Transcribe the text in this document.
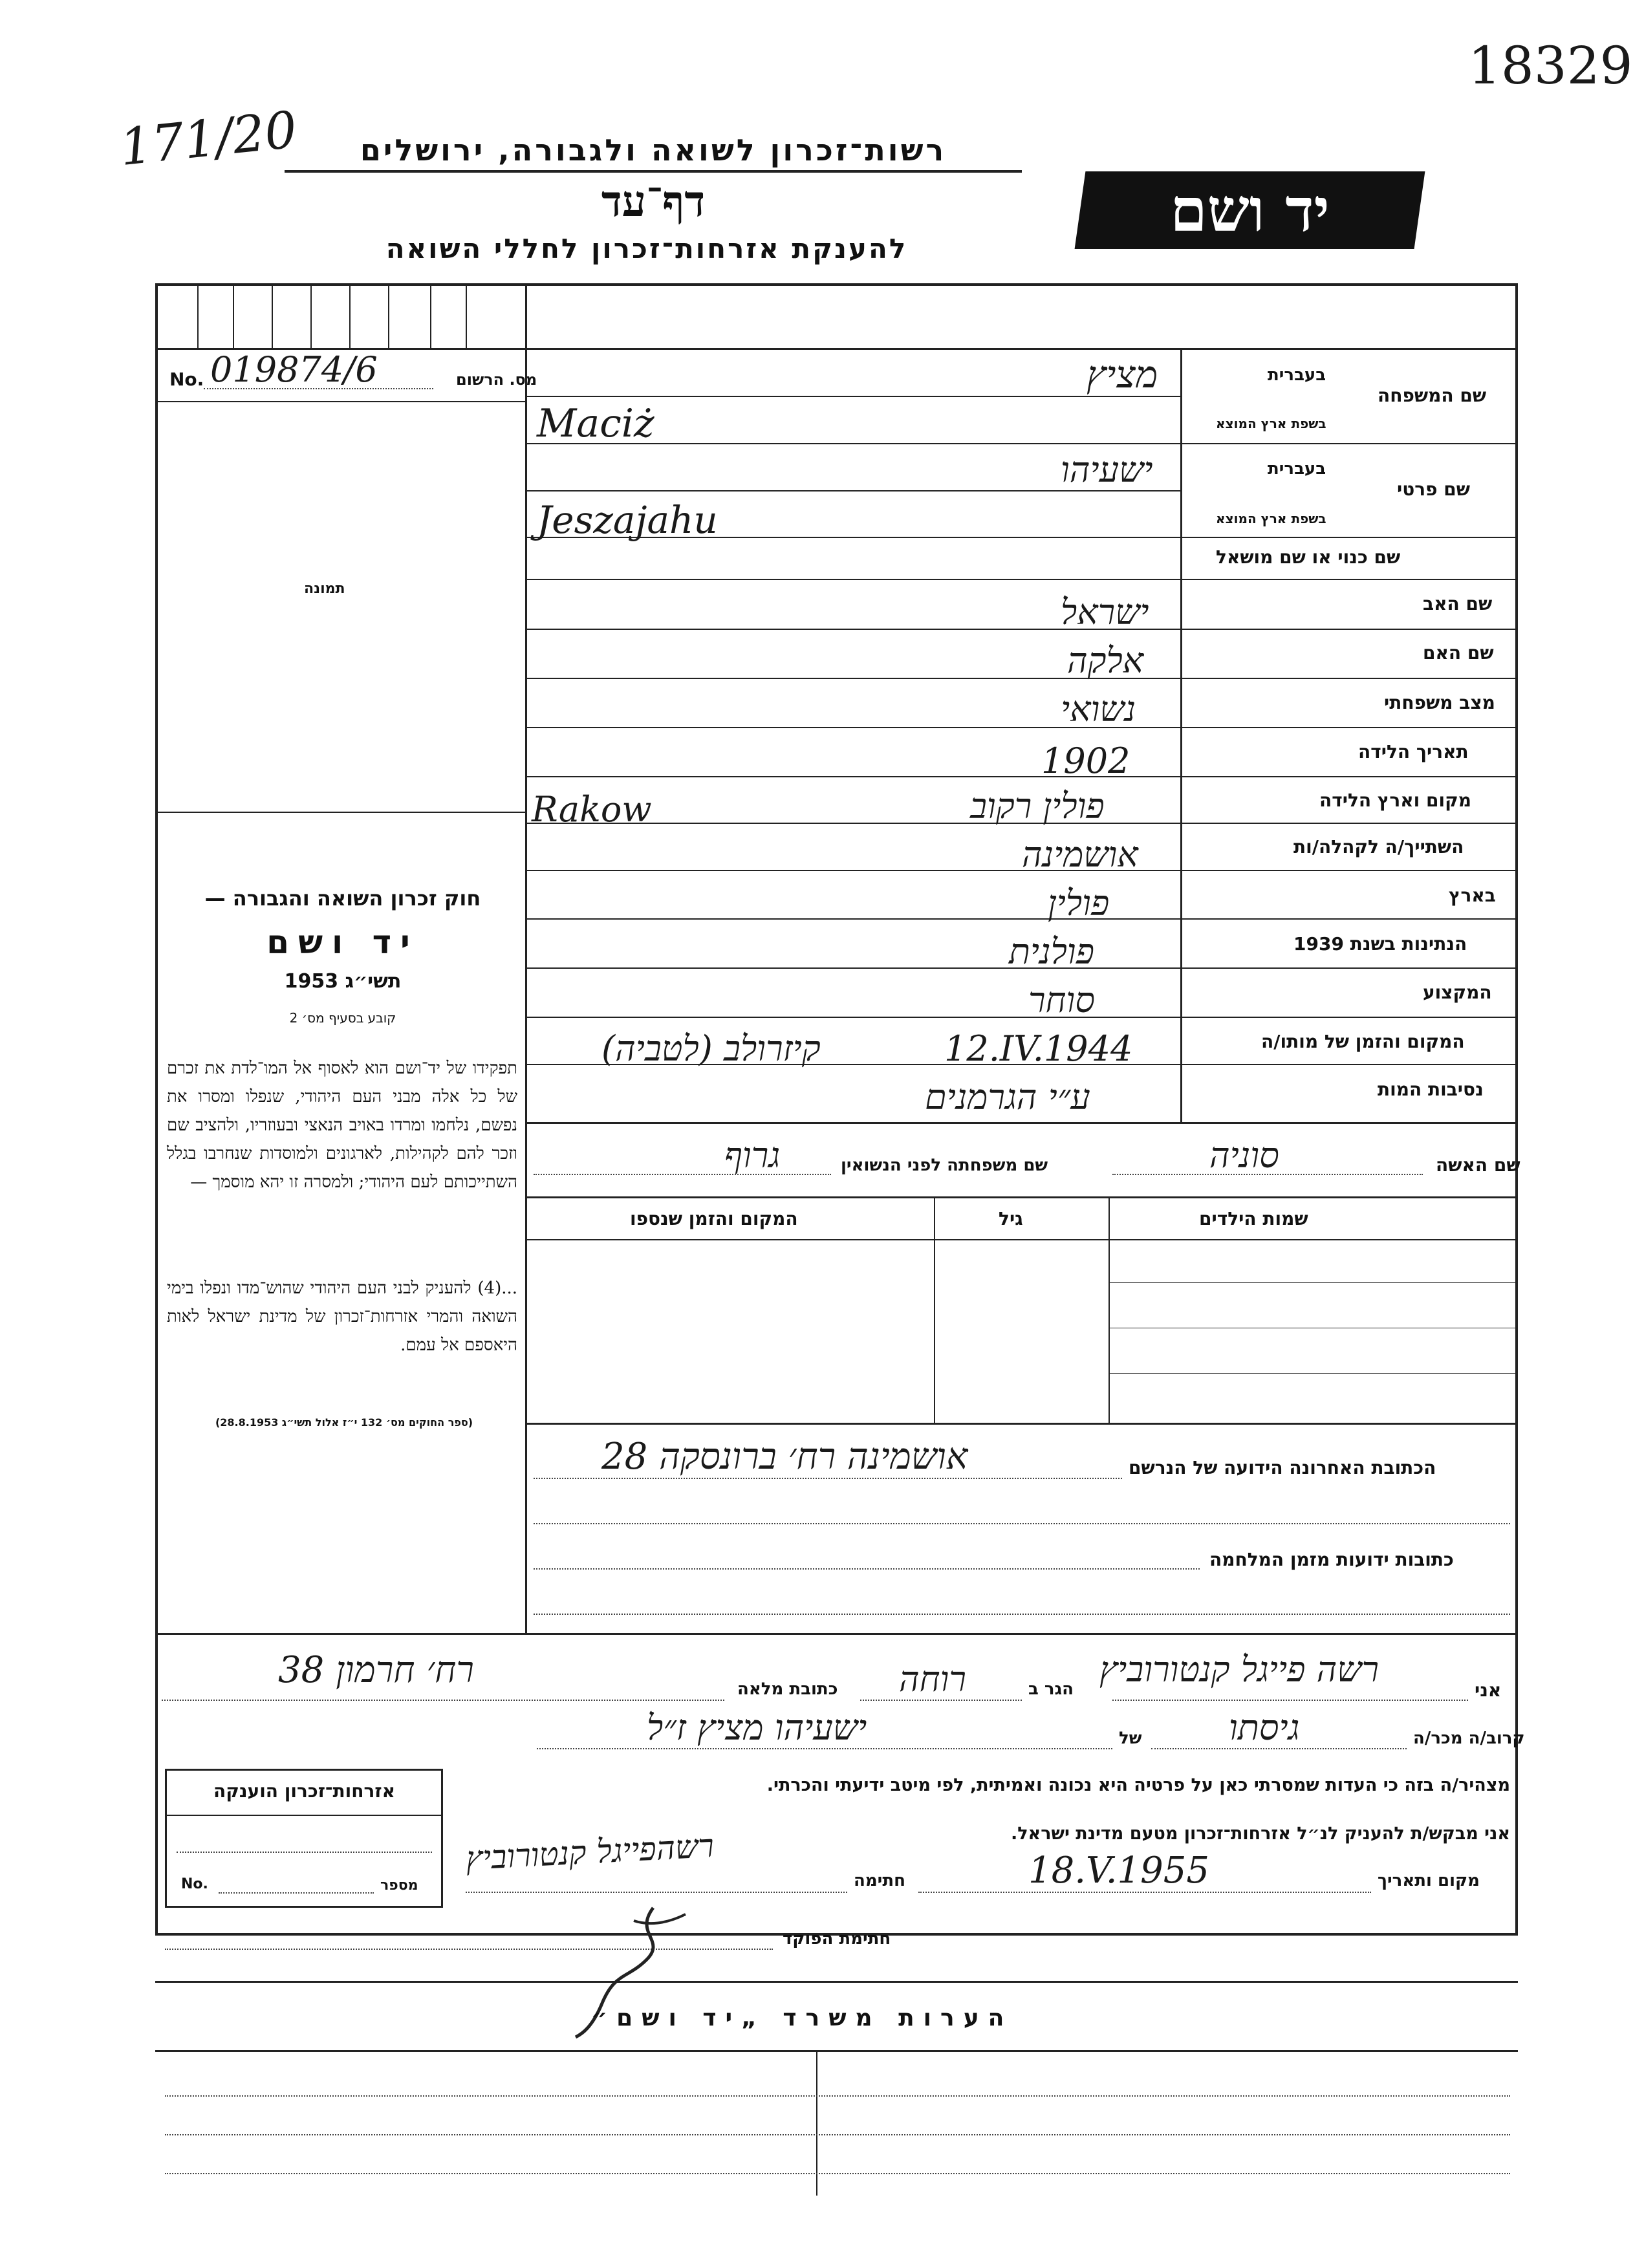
171/20
18329
רשות־זכרון לשואה ולגבורה, ירושלים
דף־עד
להענקת אזרחות־זכרון לחללי השואה
יד ושם
מס. הרשום
No. 019874/6
תמונה
חוק זכרון השואה והגבורה —
יד ושם
תשי״ג 1953
קובע בסעיף מס׳ 2
תפקידו של יד־ושם הוא לאסוף אל המו־לדת את זכרם של כל אלה מבני העם היהודי, שנפלו ומסרו את נפשם, נלחמו ומרדו באויב הנאצי ובעוזריו, ולהציב שם וזכר להם לקהילות, לארגונים ולמוסדות שנחרבו בגלל השתייכותם לעם היהודי; ולמסרה זו יהא מוסמך —
...(4) להעניק לבני העם היהודי שהוש־מדו ונפלו בימי השואה והמרי אזרחות־זכרון של מדינת ישראל לאות היאספם אל עמם.
(ספר החוקים מס׳ 132 י״ז אלול תשי״ג 28.8.1953)
בעברית
שם המשפחה
בשפת ארץ המוצא
בעברית
שם פרטי
בשפת ארץ המוצא
שם כנוי או שם מושאל
שם האב
שם האם
מצב משפחתי
תאריך הלידה
מקום וארץ הלידה
השתייך/ה לקהלה/ות
בארץ
הנתינות בשנת 1939
המקצוע
המקום והזמן של מותו/ה
נסיבות המות
מציץ
Maciż
ישעיהו
Jeszajahu
ישראל
אלקה
נשואי
1902
פולין רקוב
Rakow
אושמינה
פולין
פולנית
סוחר
12.IV.1944
קיזרולב (לטביה)
ע״י הגרמנים
שם האשה
סוניה
שם משפחתה לפני הנשואין
גרוף
שמות הילדים
גיל
המקום והזמן שנספו
הכתובת האחרונה הידועה של הנרשם
אושמינה רח׳ ברונסקה 28
כתובות ידועות מזמן המלחמה
אני
רשה פייגל קנטורוביץ
הגר ב
רוחה
כתובת מלאה
רח׳ חרמון 38
קרוב/ה מכר/ה
גיסתו
של
ישעיהו מציץ ז״ל
מצהיר/ה בזה כי העדות שמסרתי כאן על פרטיה היא נכונה ואמיתית, לפי מיטב ידיעתי והכרתי.
אני מבקש/ת להעניק לנ״ל אזרחות־זכרון מטעם מדינת ישראל.
מקום ותאריך
18.V.1955
חתימה
רשהפייגל קנטורוביץ
חתימת הפוקד
אזרחות־זכרון הוענקה
מספר
No.
הערות משרד „יד ושם״
